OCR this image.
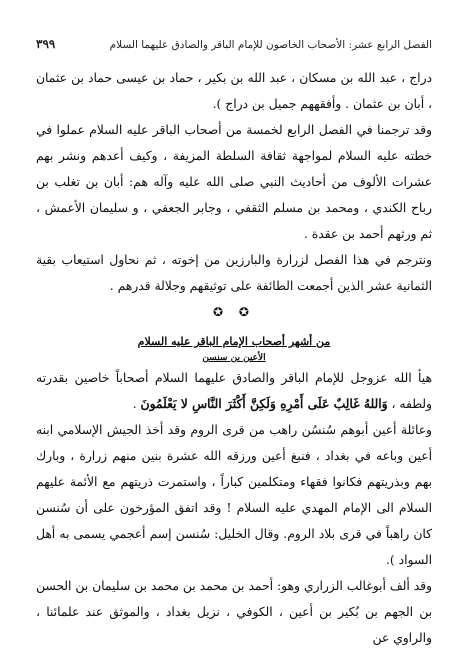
الفصل الرابع عشر: الأصحاب الخاصون للإمام الباقر والصادق عليهما السلام
٣٩٩

دراج ، عبد الله بن مسكان ، عبد الله بن بكير ، حماد بن عيسى حماد بن عثمان ، أبان بن عثمان . وأفقههم جميل بن دراج ).

وقد ترجمنا في الفصل الرابع لخمسة من أصحاب الباقر عليه السلام عملوا في خطته عليه السلام لمواجهة ثقافة السلطة المزيفة ، وكيف أعدهم ونشر بهم عشرات الألوف من أحاديث النبي صلى الله عليه وآله هم: أبان بن تغلب بن رباح الكندي ، ومحمد بن مسلم الثقفي ، وجابر الجعفي ، و سليمان الأعمش ، ثم ورثهم أحمد بن عقدة .

ونترجم في هذا الفصل لزرارة والبارزين من إخوته ، ثم نحاول استيعاب بقية الثمانية عشر الذين أجمعت الطائفة على توثيقهم وجلالة قدرهم .

✪ ✪
من أشهر أصحاب الإمام الباقر عليه السلام
الأعين بن سنسن

هيأ الله عزوجل للإمام الباقر والصادق عليهما السلام أصحاباً خاصين بقدرته ولطفه ، وَاللهُ غَالِبٌ عَلَى أَمْرِهِ وَلَكِنَّ أَكْثَرَ النَّاسِ لا يَعْلَمُونَ .

وعائلة أعين أبوهم سُنسُن راهب من قرى الروم وقد أخذ الجيش الإسلامي ابنه أعين وباعه في بغداد ، فنبغ أعين ورزقه الله عشرة بنين منهم زرارة ، وبارك بهم وبذريتهم فكانوا فقهاء ومتكلمين كباراً ، واستمرت ذريتهم مع الأئمة عليهم السلام الى الإمام المهدي عليه السلام ! وقد اتفق المؤرخون على أن سُنسن كان راهباً في قرى بلاد الروم. وقال الخليل: سُنسن إسم أعجمي يسمى به أهل السواد ).

وقد ألف أبوغالب الزراري وهو: أحمد بن محمد بن محمد بن سليمان بن الحسن بن الجهم بن بُكير بن أعين ، الكوفي ، نزيل بغداد ، والموثق عند علمائنا ، والراوي عن
